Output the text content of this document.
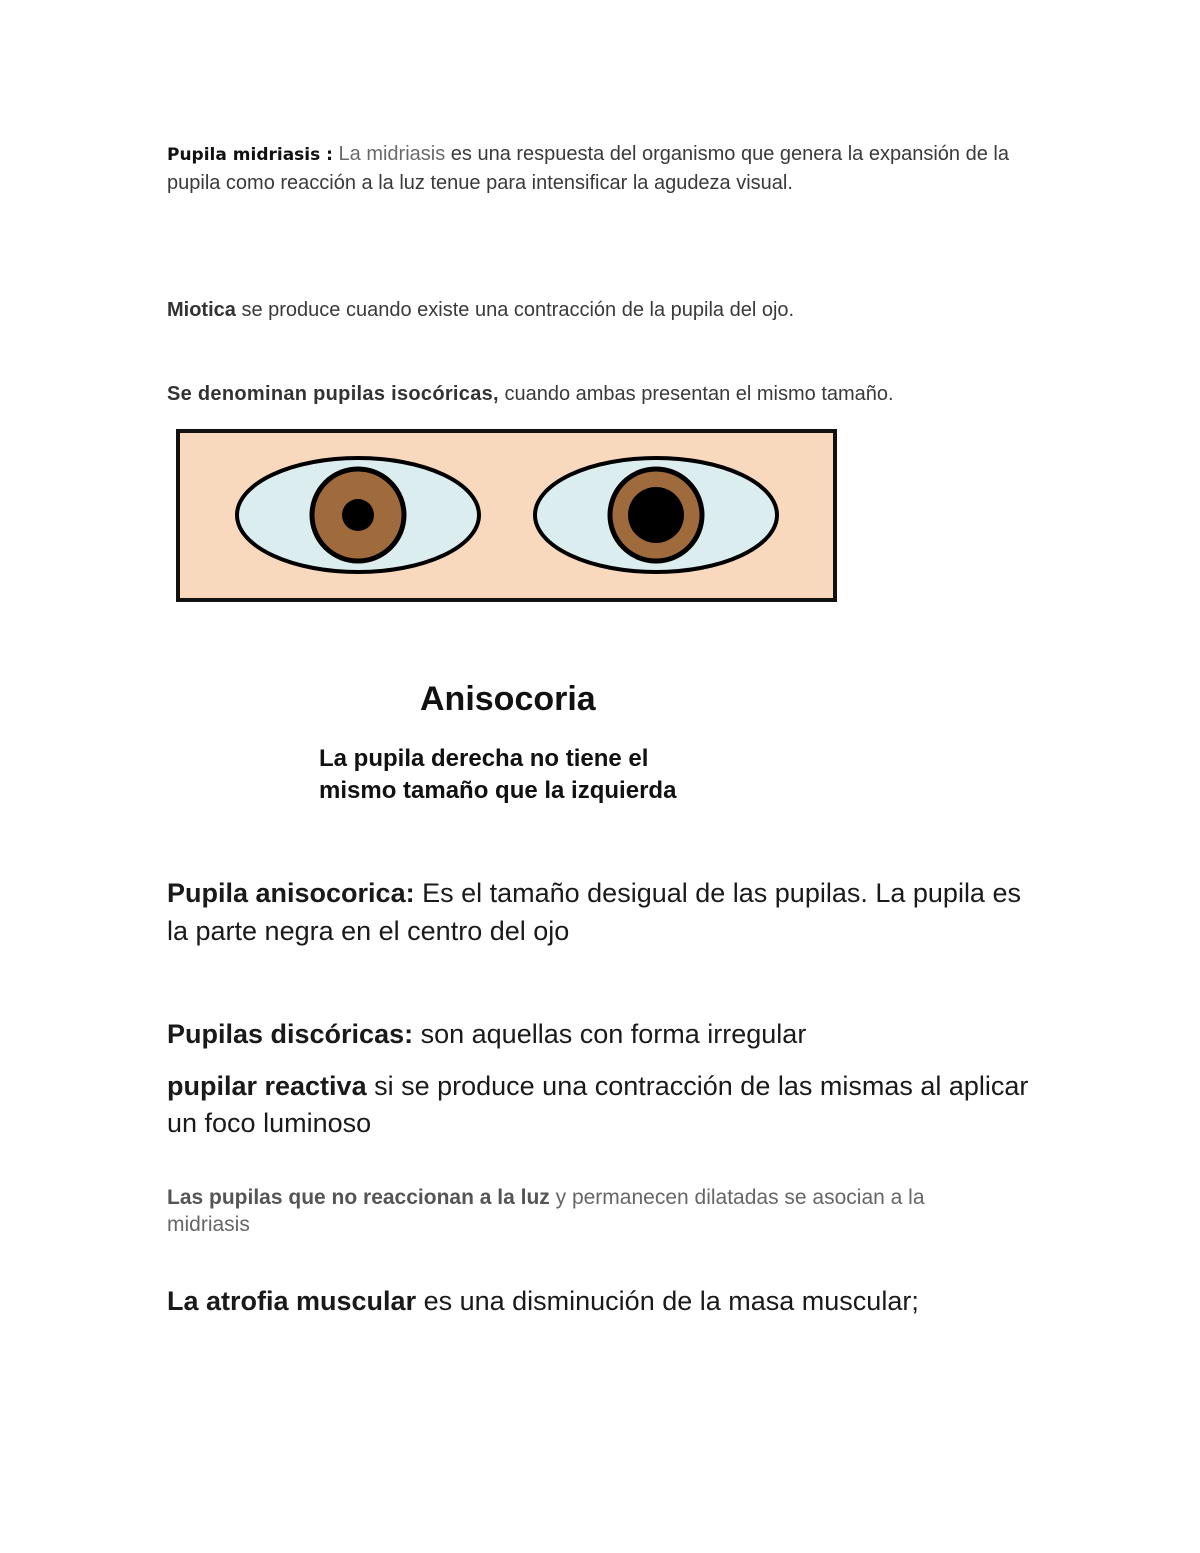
Pupila midriasis : La midriasis es una respuesta del organismo que genera la expansión de la pupila como reacción a la luz tenue para intensificar la agudeza visual.

Miotica se produce cuando existe una contracción de la pupila del ojo.

Se denominan pupilas isocóricas, cuando ambas presentan el mismo tamaño.

Anisocoria

La pupila derecha no tiene el
mismo tamaño que la izquierda

Pupila anisocorica: Es el tamaño desigual de las pupilas. La pupila es la parte negra en el centro del ojo

Pupilas discóricas: son aquellas con forma irregular

pupilar reactiva si se produce una contracción de las mismas al aplicar un foco luminoso

Las pupilas que no reaccionan a la luz y permanecen dilatadas se asocian a la midriasis

La atrofia muscular es una disminución de la masa muscular;
